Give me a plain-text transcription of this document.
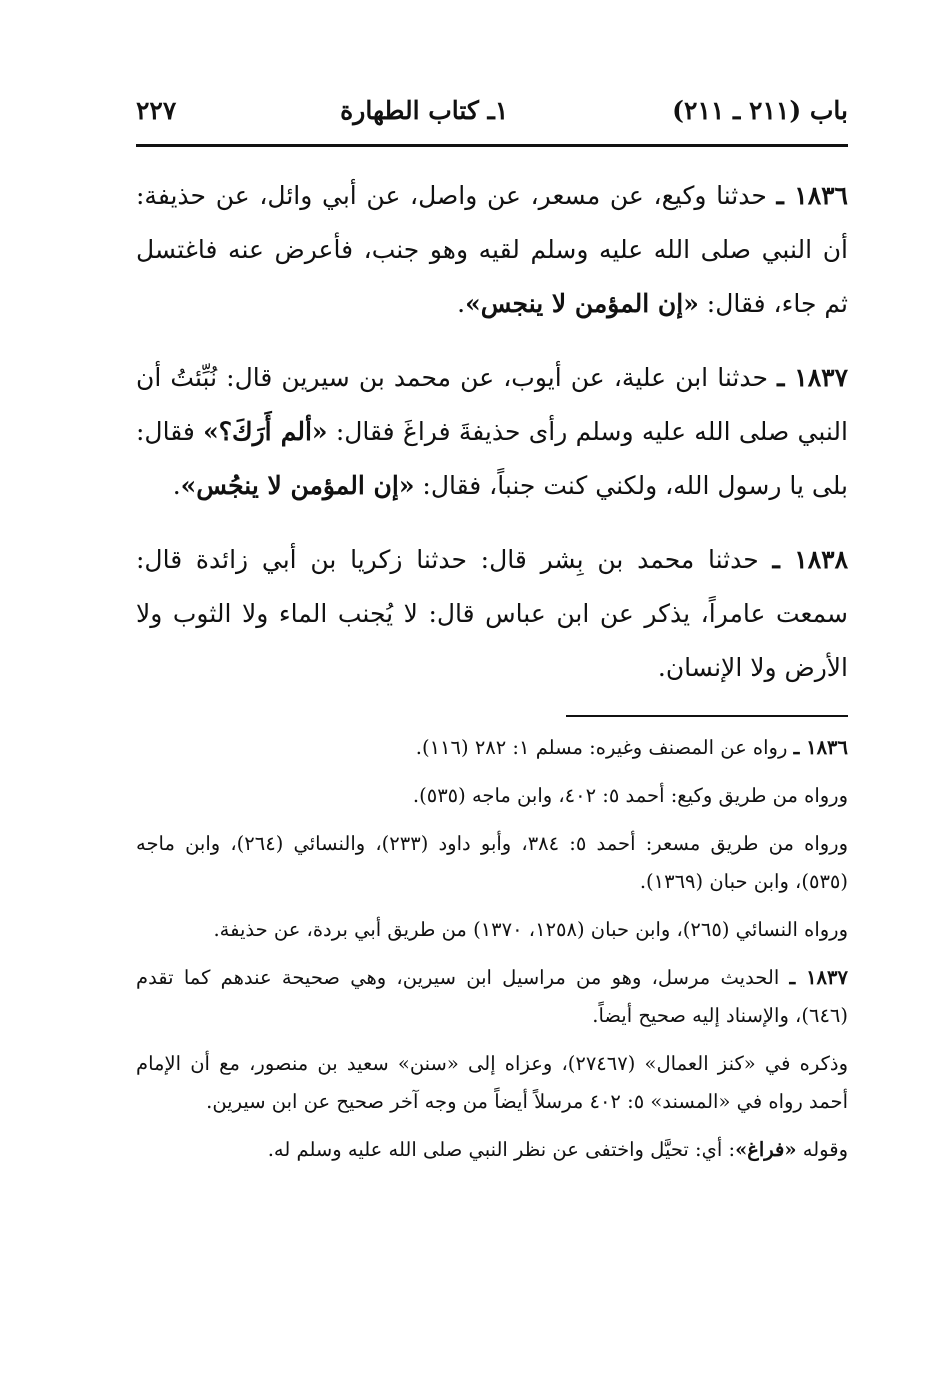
باب (٢١١ ـ ٢١١)
١ـ كتاب الطهارة
٢٢٧

١٨٣٦ ـ حدثنا وكيع، عن مسعر، عن واصل، عن أبي وائل، عن حذيفة: أن النبي صلى الله عليه وسلم لقيه وهو جنب، فأعرض عنه فاغتسل ثم جاء، فقال: «إن المؤمن لا ينجس».

١٨٣٧ ـ حدثنا ابن علية، عن أيوب، عن محمد بن سيرين قال: نُبِّئتُ أن النبي صلى الله عليه وسلم رأى حذيفةَ فراغَ فقال: «ألم أَرَكَ؟» فقال: بلى يا رسول الله، ولكني كنت جنباً، فقال: «إن المؤمن لا ينجُس».

١٨٣٨ ـ حدثنا محمد بن بِشر قال: حدثنا زكريا بن أبي زائدة قال: سمعت عامراً، يذكر عن ابن عباس قال: لا يُجنب الماء ولا الثوب ولا الأرض ولا الإنسان.

١٨٣٦ ـ رواه عن المصنف وغيره: مسلم ١: ٢٨٢ (١١٦).

ورواه من طريق وكيع: أحمد ٥: ٤٠٢، وابن ماجه (٥٣٥).

ورواه من طريق مسعر: أحمد ٥: ٣٨٤، وأبو داود (٢٣٣)، والنسائي (٢٦٤)، وابن ماجه (٥٣٥)، وابن حبان (١٣٦٩).

ورواه النسائي (٢٦٥)، وابن حبان (١٢٥٨، ١٣٧٠) من طريق أبي بردة، عن حذيفة.

١٨٣٧ ـ الحديث مرسل، وهو من مراسيل ابن سيرين، وهي صحيحة عندهم كما تقدم (٦٤٦)، والإسناد إليه صحيح أيضاً.

وذكره في «كنز العمال» (٢٧٤٦٧)، وعزاه إلى «سنن» سعيد بن منصور، مع أن الإمام أحمد رواه في «المسند» ٥: ٤٠٢ مرسلاً أيضاً من وجه آخر صحيح عن ابن سيرين.

وقوله «فراغ»: أي: تحيَّل واختفى عن نظر النبي صلى الله عليه وسلم له.
